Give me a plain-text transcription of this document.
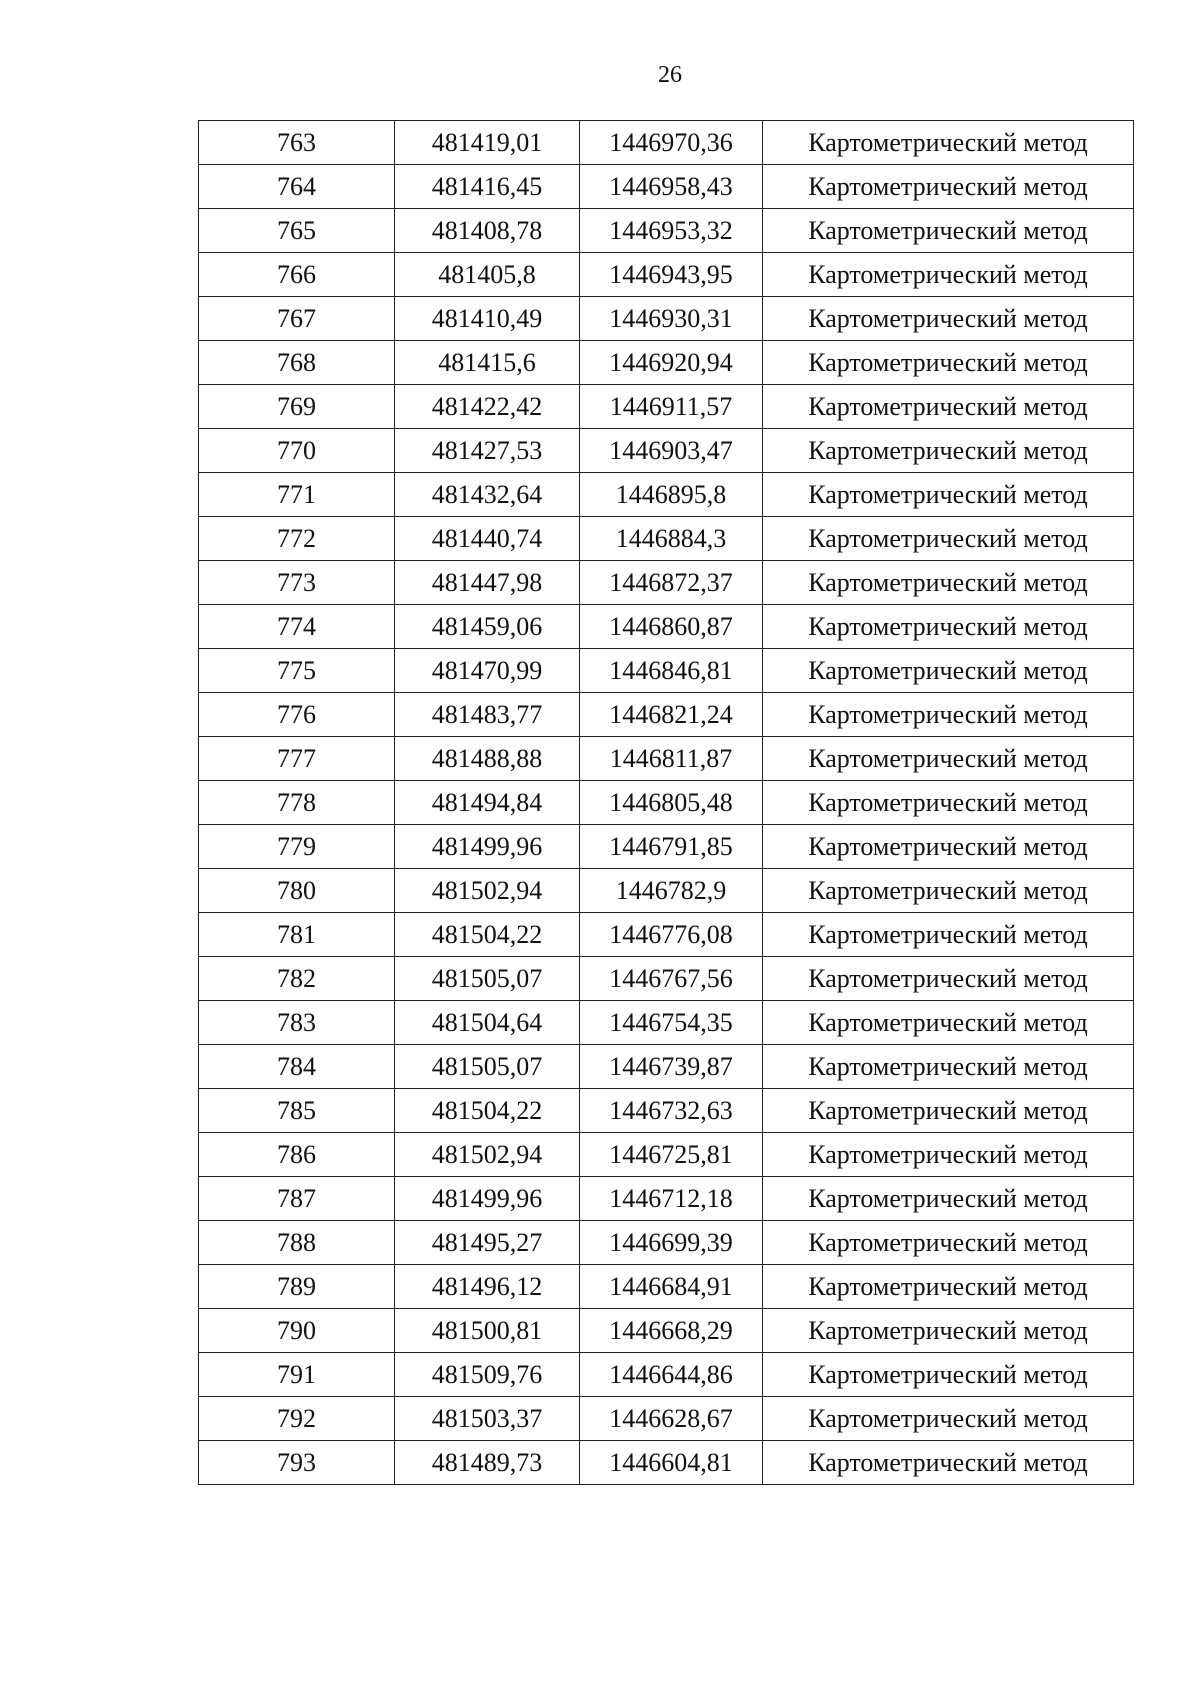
26
763	481419,01	1446970,36	Картометрический метод
764	481416,45	1446958,43	Картометрический метод
765	481408,78	1446953,32	Картометрический метод
766	481405,8	1446943,95	Картометрический метод
767	481410,49	1446930,31	Картометрический метод
768	481415,6	1446920,94	Картометрический метод
769	481422,42	1446911,57	Картометрический метод
770	481427,53	1446903,47	Картометрический метод
771	481432,64	1446895,8	Картометрический метод
772	481440,74	1446884,3	Картометрический метод
773	481447,98	1446872,37	Картометрический метод
774	481459,06	1446860,87	Картометрический метод
775	481470,99	1446846,81	Картометрический метод
776	481483,77	1446821,24	Картометрический метод
777	481488,88	1446811,87	Картометрический метод
778	481494,84	1446805,48	Картометрический метод
779	481499,96	1446791,85	Картометрический метод
780	481502,94	1446782,9	Картометрический метод
781	481504,22	1446776,08	Картометрический метод
782	481505,07	1446767,56	Картометрический метод
783	481504,64	1446754,35	Картометрический метод
784	481505,07	1446739,87	Картометрический метод
785	481504,22	1446732,63	Картометрический метод
786	481502,94	1446725,81	Картометрический метод
787	481499,96	1446712,18	Картометрический метод
788	481495,27	1446699,39	Картометрический метод
789	481496,12	1446684,91	Картометрический метод
790	481500,81	1446668,29	Картометрический метод
791	481509,76	1446644,86	Картометрический метод
792	481503,37	1446628,67	Картометрический метод
793	481489,73	1446604,81	Картометрический метод
